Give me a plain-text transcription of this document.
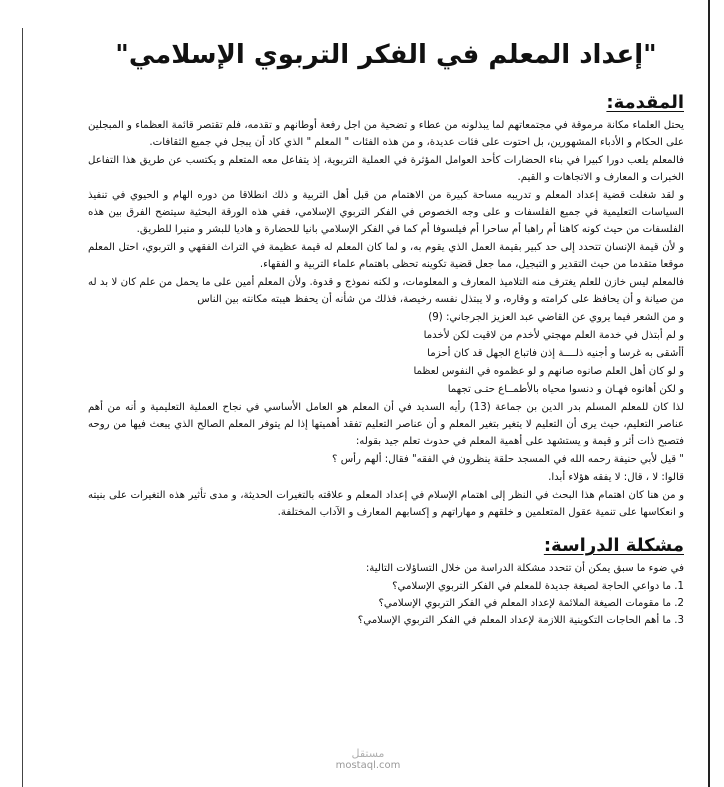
"إعداد المعلم في الفكر التربوي الإسلامي"
المقدمة:

يحتل العلماء مكانة مرموقة في مجتمعاتهم لما يبذلونه من عطاء و تضحية من اجل رفعة أوطانهم و تقدمه، فلم تقتصر قائمة العظماء و المبجلين على الحكام و الأدباء المشهورين، بل احتوت على فئات عديدة، و من هذه الفئات " المعلم " الذي كاد أن يبجل في جميع الثقافات.

فالمعلم يلعب دورا كبيرا في بناء الحضارات كأحد العوامل المؤثرة في العملية التربوية، إذ يتفاعل معه المتعلم و يكتسب عن طريق هذا التفاعل الخبرات و المعارف و الاتجاهات و القيم.

و لقد شغلت قضية إعداد المعلم و تدريبه مساحة كبيرة من الاهتمام من قبل أهل التربية و ذلك انطلاقا من دوره الهام و الحيوي في تنفيذ السياسات التعليمية في جميع الفلسفات و على وجه الخصوص في الفكر التربوي الإسلامي، ففي هذه الورقة البحثية سيتضح الفرق بين هذه الفلسفات من حيث كونه كاهنا أم راهبا أم ساحرا أم فيلسوفا أم كما في الفكر الإسلامي بانيا للحضارة و هاديا للبشر و منيرا للطريق.

و لأن قيمة الإنسان تتحدد إلى حد كبير بقيمة العمل الذي يقوم به، و لما كان المعلم له قيمة عظيمة في التراث الفقهي و التربوي، احتل المعلم موقعا متقدما من حيث التقدير و التبجيل، مما جعل قضية تكوينه تحظى باهتمام علماء التربية و الفقهاء.

فالمعلم ليس خازن للعلم يغترف منه التلاميذ المعارف و المعلومات، و لكنه نموذج و قدوة. ولأن المعلم أمين على ما يحمل من علم كان لا بد له من صيانة و أن يحافظ على كرامته و وقاره، و لا يبتذل نفسه رخيصة، فذلك من شأنه أن يحفظ هيبته مكانته بين الناس

و من الشعر فيما يروي عن القاضي عبد العزيز الجرجاني: (9)

و لم أبتذل في خدمة العلم مهجتي لأخدم من لاقيت لكن لأخدما

أأشقى به غرسا و أجنيه ذلــــة إذن فاتباع الجهل قد كان أحزما

و لو كان أهل العلم صانوه صانهم و لو عظموه في النفوس لعظما

و لكن أهانوه فهـان و دنسوا محياه بالأطمــاع حتـى تجهما

لذا كان للمعلم المسلم بدر الدين بن جماعة (13) رأيه السديد في أن المعلم هو العامل الأساسي في نجاح العملية التعليمية و أنه من أهم عناصر التعليم، حيث يرى أن التعليم لا يتغير بتغير المعلم و أن عناصر التعليم تفقد أهميتها إذا لم يتوفر المعلم الصالح الذي يبعث فيها من روحه فتصبح ذات أثر و قيمة و يستشهد على أهمية المعلم في حدوث تعلم جيد بقوله:

" قيل لأبي حنيفة رحمه الله في المسجد حلقة ينظرون في الفقه" فقال: ألهم رأس ؟

قالوا: لا ، قال: لا يفقه هؤلاء أبدا.

و من هنا كان اهتمام هذا البحث في النظر إلى اهتمام الإسلام في إعداد المعلم و علاقته بالتغيرات الحديثة، و مدى تأثير هذه التغيرات على بنيته و انعكاسها على تنمية عقول المتعلمين و خلقهم و مهاراتهم و إكسابهم المعارف و الآداب المختلفة.

مشكلة الدراسة:

في ضوء ما سبق يمكن أن تتحدد مشكلة الدراسة من خلال التساؤلات التالية:

1. ما دواعي الحاجة لصيغة جديدة للمعلم في الفكر التربوي الإسلامي؟
2. ما مقومات الصيغة الملائمة لإعداد المعلم في الفكر التربوي الإسلامي؟
3. ما أهم الحاجات التكوينية اللازمة لإعداد المعلم في الفكر التربوي الإسلامي؟
مستقل
mostaql.com
